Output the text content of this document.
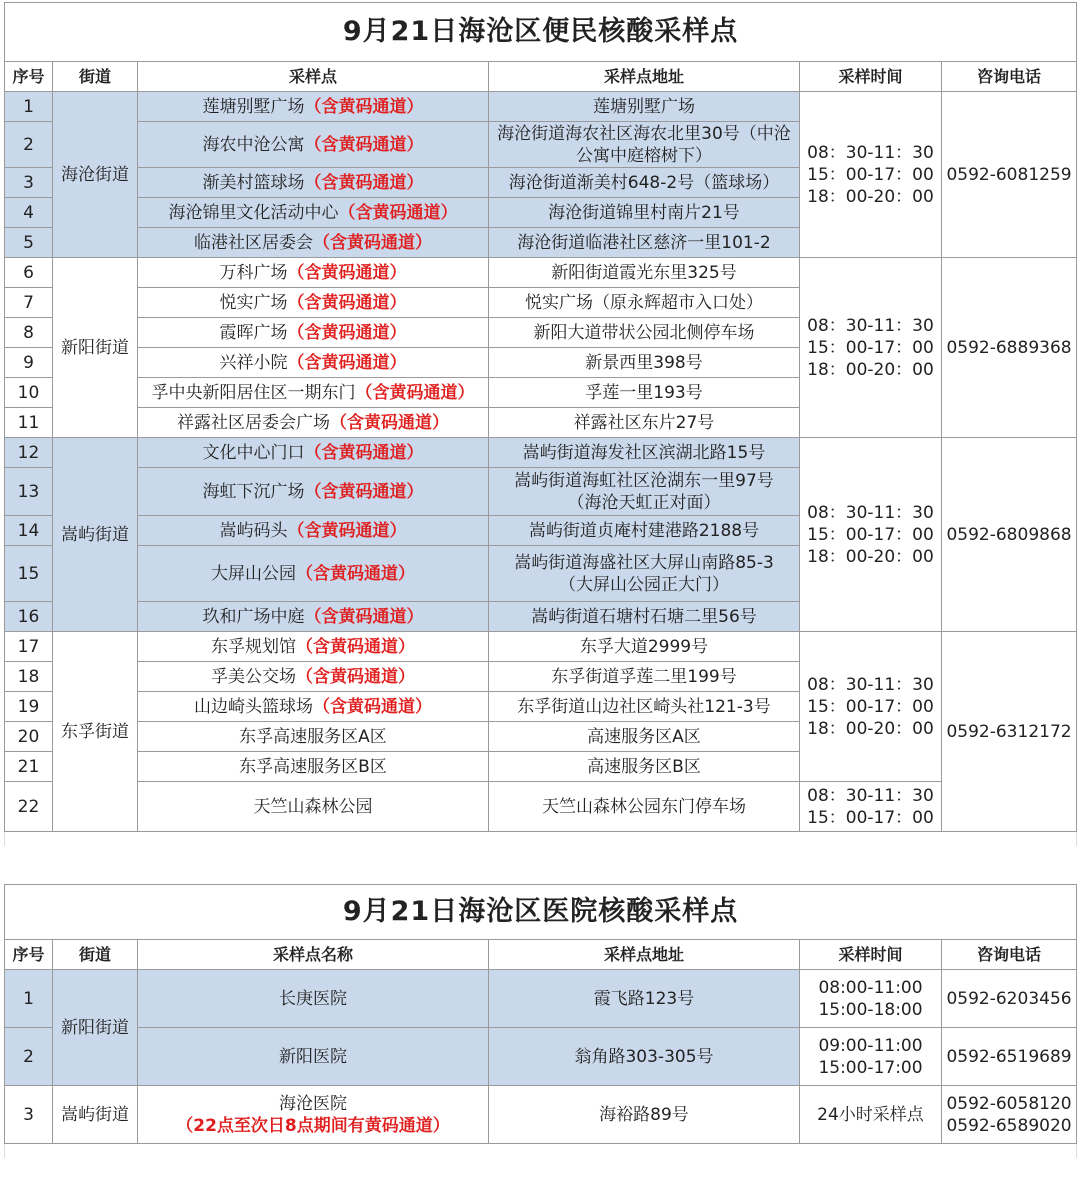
9月21日海沧区便民核酸采样点					
序号	街道	采样点	采样点地址	采样时间	咨询电话
1	海沧街道	莲塘别墅广场（含黄码通道）	莲塘别墅广场	08：30-11：30
15：00-17：00
18：00-20：00	0592-6081259
2		海农中沧公寓（含黄码通道）	海沧街道海农社区海农北里30号（中沧
公寓中庭榕树下）		
3		渐美村篮球场（含黄码通道）	海沧街道渐美村648-2号（篮球场）		
4		海沧锦里文化活动中心（含黄码通道）	海沧街道锦里村南片21号		
5		临港社区居委会（含黄码通道）	海沧街道临港社区慈济一里101-2		
6	新阳街道	万科广场（含黄码通道）	新阳街道霞光东里325号	08：30-11：30
15：00-17：00
18：00-20：00	0592-6889368
7		悦实广场（含黄码通道）	悦实广场（原永辉超市入口处）		
8		霞晖广场（含黄码通道）	新阳大道带状公园北侧停车场		
9		兴祥小院（含黄码通道）	新景西里398号		
10		孚中央新阳居住区一期东门（含黄码通道）	孚莲一里193号		
11		祥露社区居委会广场（含黄码通道）	祥露社区东片27号		
12	嵩屿街道	文化中心门口（含黄码通道）	嵩屿街道海发社区滨湖北路15号	08：30-11：30
15：00-17：00
18：00-20：00	0592-6809868
13		海虹下沉广场（含黄码通道）	嵩屿街道海虹社区沧湖东一里97号
（海沧天虹正对面）		
14		嵩屿码头（含黄码通道）	嵩屿街道贞庵村建港路2188号		
15		大屏山公园（含黄码通道）	嵩屿街道海盛社区大屏山南路85-3
（大屏山公园正大门）		
16		玖和广场中庭（含黄码通道）	嵩屿街道石塘村石塘二里56号		
17	东孚街道	东孚规划馆（含黄码通道）	东孚大道2999号	08：30-11：30
15：00-17：00
18：00-20：00	0592-6312172
18		孚美公交场（含黄码通道）	东孚街道孚莲二里199号		
19		山边崎头篮球场（含黄码通道）	东孚街道山边社区崎头社121-3号		
20		东孚高速服务区A区	高速服务区A区		
21		东孚高速服务区B区	高速服务区B区		
22		天竺山森林公园	天竺山森林公园东门停车场	08：30-11：30
15：00-17：00	

9月21日海沧区医院核酸采样点					
序号	街道	采样点名称	采样点地址	采样时间	咨询电话
1	新阳街道	长庚医院	霞飞路123号	08:00-11:00
15:00-18:00	0592-6203456
2		新阳医院	翁角路303-305号	09:00-11:00
15:00-17:00	0592-6519689
3	嵩屿街道	海沧医院
（22点至次日8点期间有黄码通道）	海裕路89号	24小时采样点	0592-6058120
0592-6589020
